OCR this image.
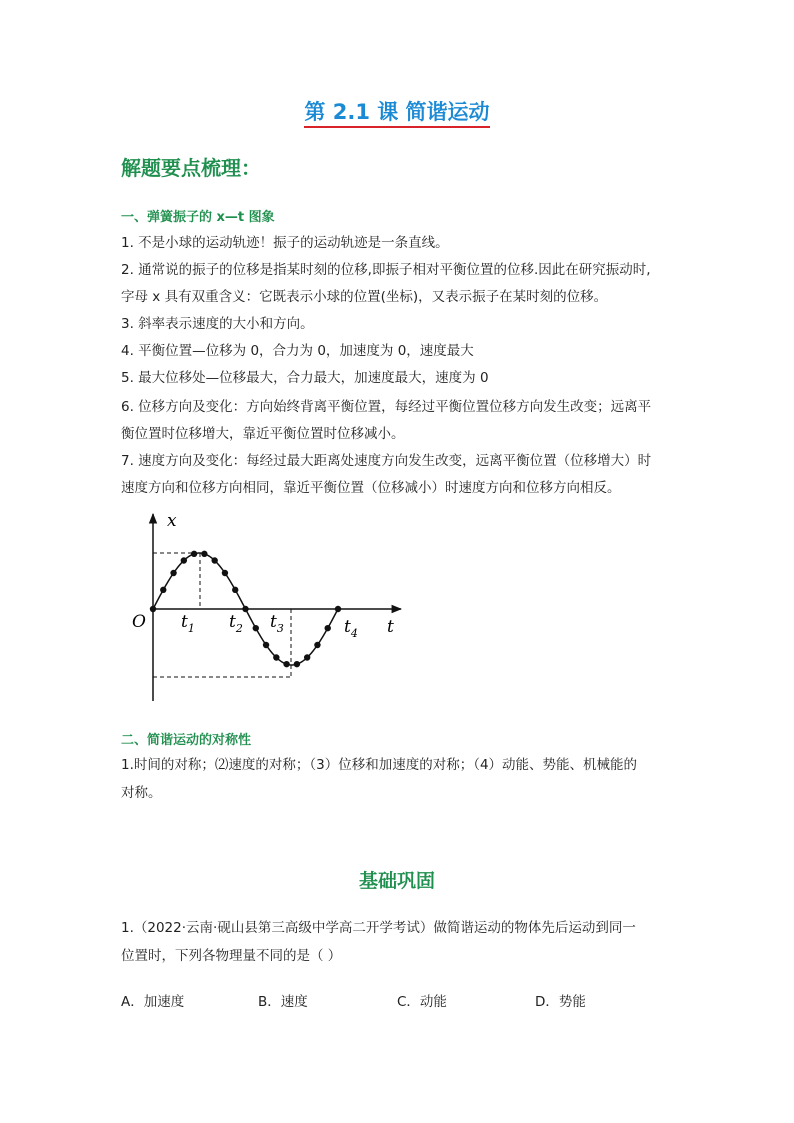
第 2.1 课 简谐运动
解题要点梳理：
一、弹簧振子的 x—t 图象
1. 不是小球的运动轨迹！振子的运动轨迹是一条直线。
2. 通常说的振子的位移是指某时刻的位移,即振子相对平衡位置的位移.因此在研究振动时,
字母 x 具有双重含义：它既表示小球的位置(坐标)，又表示振子在某时刻的位移。
3. 斜率表示速度的大小和方向。
4. 平衡位置—位移为 0，合力为 0，加速度为 0，速度最大
5. 最大位移处—位移最大，合力最大，加速度最大，速度为 0
6. 位移方向及变化：方向始终背离平衡位置，每经过平衡位置位移方向发生改变；远离平
衡位置时位移增大，靠近平衡位置时位移减小。
7. 速度方向及变化：每经过最大距离处速度方向发生改变，远离平衡位置（位移增大）时
速度方向和位移方向相同，靠近平衡位置（位移减小）时速度方向和位移方向相反。
x
t
O $t_1$ $t_2$ $t_3$	$t_4$
二、简谐运动的对称性
1.时间的对称；⑵速度的对称；（3）位移和加速度的对称；（4）动能、势能、机械能的
对称。
基础巩固
1.（2022·云南·砚山县第三高级中学高二开学考试）做简谐运动的物体先后运动到同一
位置时，下列各物理量不同的是（ ）
A．加速度	B．速度	C．动能	D．势能
